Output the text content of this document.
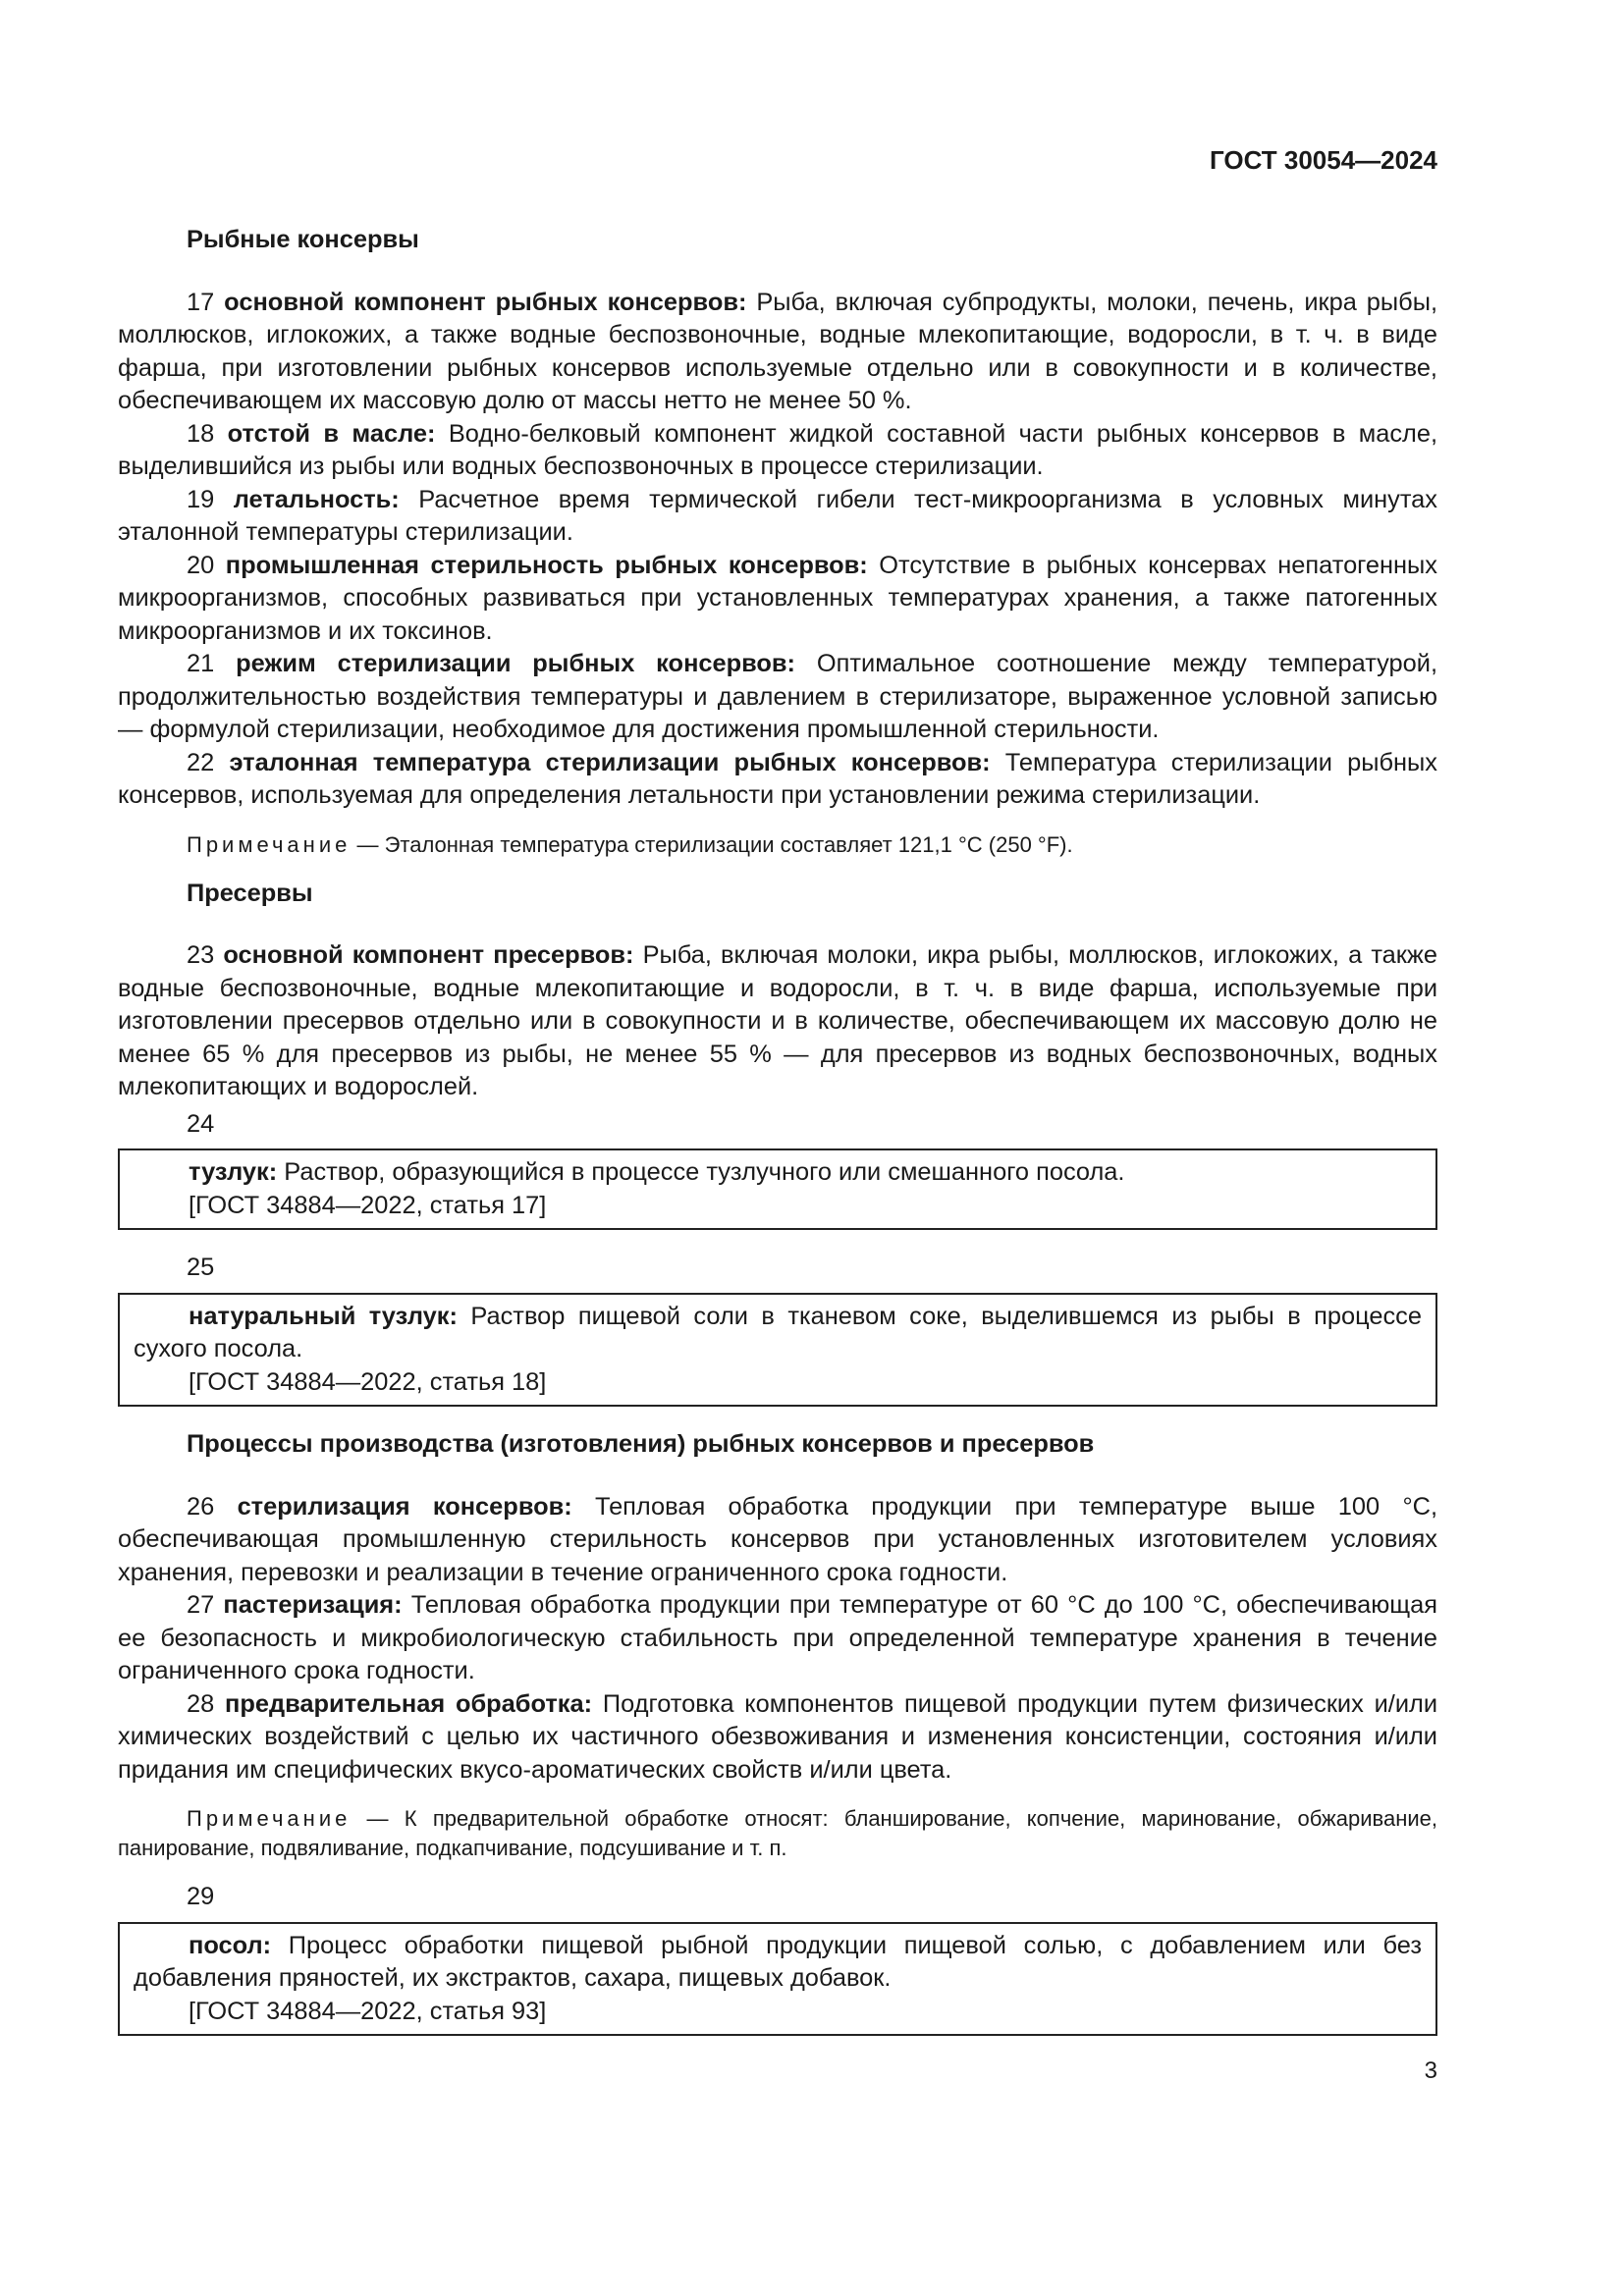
ГОСТ 30054—2024
Рыбные консервы

17 основной компонент рыбных консервов: Рыба, включая субпродукты, молоки, печень, икра рыбы, моллюсков, иглокожих, а также водные беспозвоночные, водные млекопитающие, водоросли, в т. ч. в виде фарша, при изготовлении рыбных консервов используемые отдельно или в совокупности и в количестве, обеспечивающем их массовую долю от массы нетто не менее 50 %.

18 отстой в масле: Водно-белковый компонент жидкой составной части рыбных консервов в масле, выделившийся из рыбы или водных беспозвоночных в процессе стерилизации.

19 летальность: Расчетное время термической гибели тест-микроорганизма в условных минутах эталонной температуры стерилизации.

20 промышленная стерильность рыбных консервов: Отсутствие в рыбных консервах непатогенных микроорганизмов, способных развиваться при установленных температурах хранения, а также патогенных микроорганизмов и их токсинов.

21 режим стерилизации рыбных консервов: Оптимальное соотношение между температурой, продолжительностью воздействия температуры и давлением в стерилизаторе, выраженное условной записью — формулой стерилизации, необходимое для достижения промышленной стерильности.

22 эталонная температура стерилизации рыбных консервов: Температура стерилизации рыбных консервов, используемая для определения летальности при установлении режима стерилизации.

Примечание — Эталонная температура стерилизации составляет 121,1 °С (250 °F).
Пресервы

23 основной компонент пресервов: Рыба, включая молоки, икра рыбы, моллюсков, иглокожих, а также водные беспозвоночные, водные млекопитающие и водоросли, в т. ч. в виде фарша, используемые при изготовлении пресервов отдельно или в совокупности и в количестве, обеспечивающем их массовую долю не менее 65 % для пресервов из рыбы, не менее 55 % — для пресервов из водных беспозвоночных, водных млекопитающих и водорослей.

24

тузлук: Раствор, образующийся в процессе тузлучного или смешанного посола.

[ГОСТ 34884—2022, статья 17]

25

натуральный тузлук: Раствор пищевой соли в тканевом соке, выделившемся из рыбы в процессе сухого посола.

[ГОСТ 34884—2022, статья 18]

Процессы производства (изготовления) рыбных консервов и пресервов

26 стерилизация консервов: Тепловая обработка продукции при температуре выше 100 °С, обеспечивающая промышленную стерильность консервов при установленных изготовителем условиях хранения, перевозки и реализации в течение ограниченного срока годности.

27 пастеризация: Тепловая обработка продукции при температуре от 60 °С до 100 °С, обеспечивающая ее безопасность и микробиологическую стабильность при определенной температуре хранения в течение ограниченного срока годности.

28 предварительная обработка: Подготовка компонентов пищевой продукции путем физических и/или химических воздействий с целью их частичного обезвоживания и изменения консистенции, состояния и/или придания им специфических вкусо-ароматических свойств и/или цвета.

Примечание — К предварительной обработке относят: бланширование, копчение, маринование, обжаривание, панирование, подвяливание, подкапчивание, подсушивание и т. п.
29

посол: Процесс обработки пищевой рыбной продукции пищевой солью, с добавлением или без добавления пряностей, их экстрактов, сахара, пищевых добавок.

[ГОСТ 34884—2022, статья 93]

3
